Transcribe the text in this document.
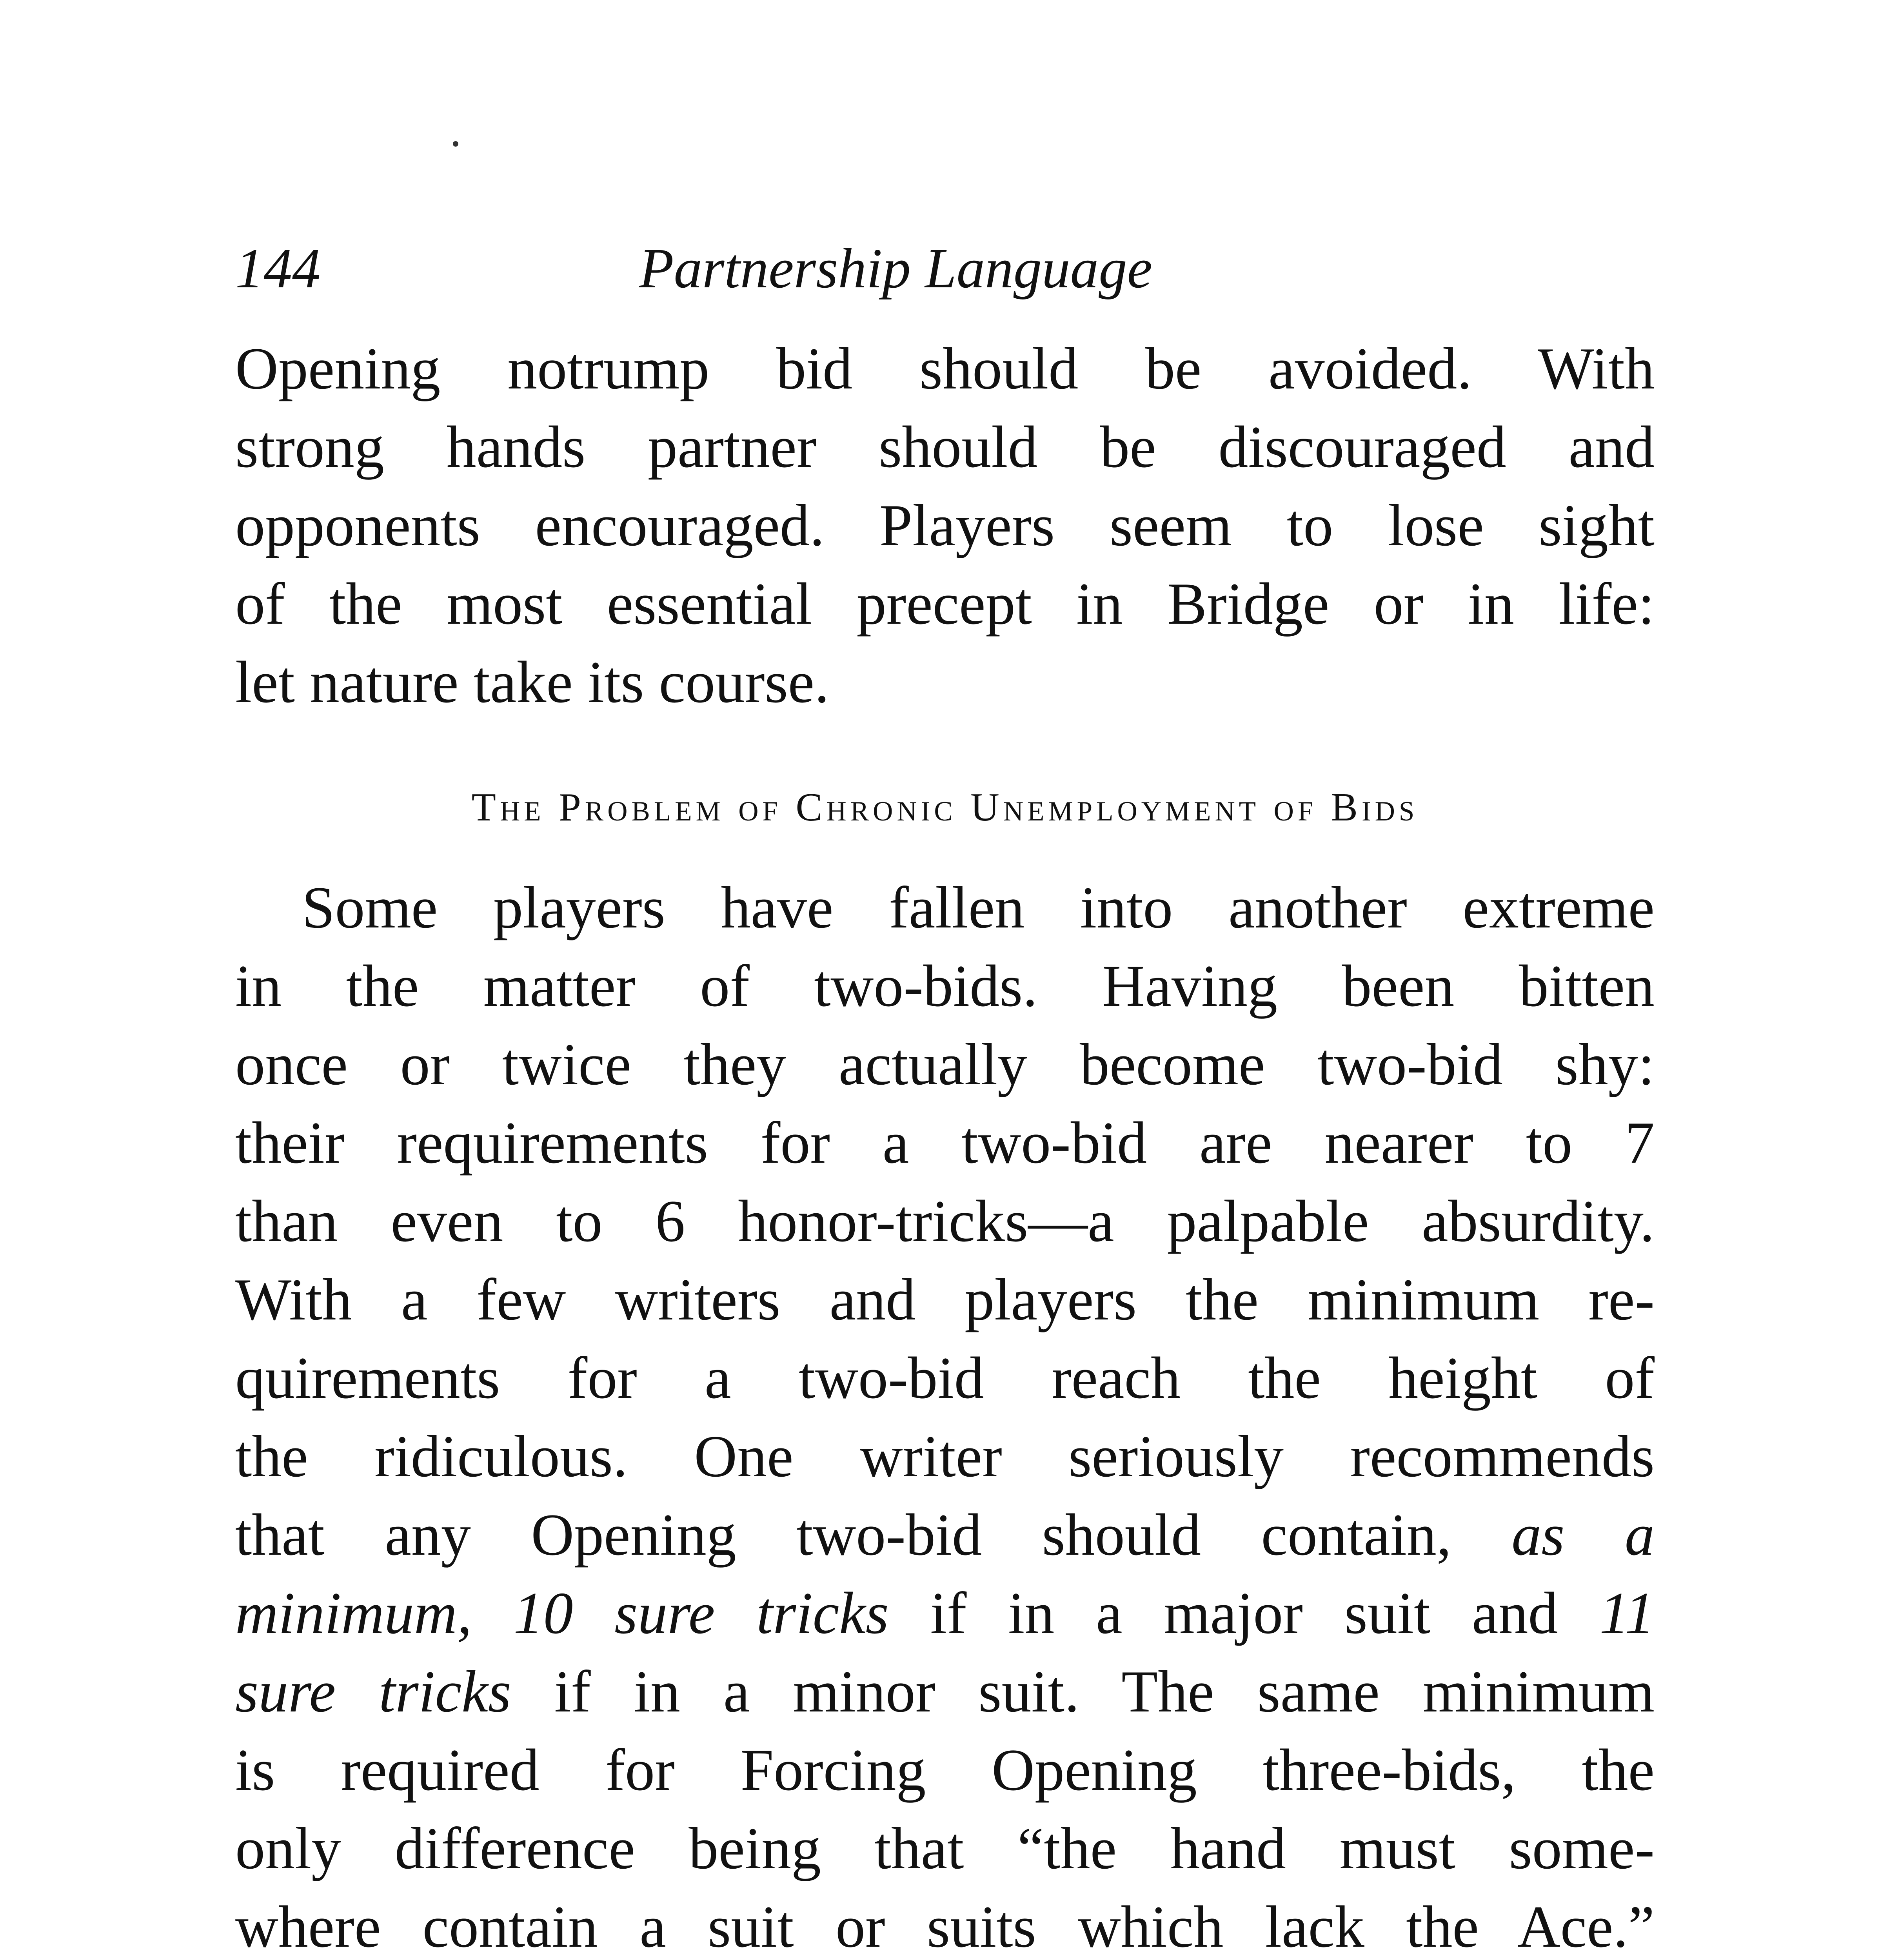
144	Partnership Language
Opening notrump bid should be avoided. With
strong hands partner should be discouraged and
opponents encouraged. Players seem to lose sight
of the most essential precept in Bridge or in life:
let nature take its course.
The Problem of Chronic Unemployment of Bids
Some players have fallen into another extreme
in the matter of two-bids. Having been bitten
once or twice they actually become two-bid shy:
their requirements for a two-bid are nearer to 7
than even to 6 honor-tricks—a palpable absurdity.
With a few writers and players the minimum re-
quirements for a two-bid reach the height of
the ridiculous. One writer seriously recommends
that any Opening two-bid should contain, as a
minimum, 10 sure tricks if in a major suit and 11
sure tricks if in a minor suit. The same minimum
is required for Forcing Opening three-bids, the
only difference being that “the hand must some-
where contain a suit or suits which lack the Ace.”
